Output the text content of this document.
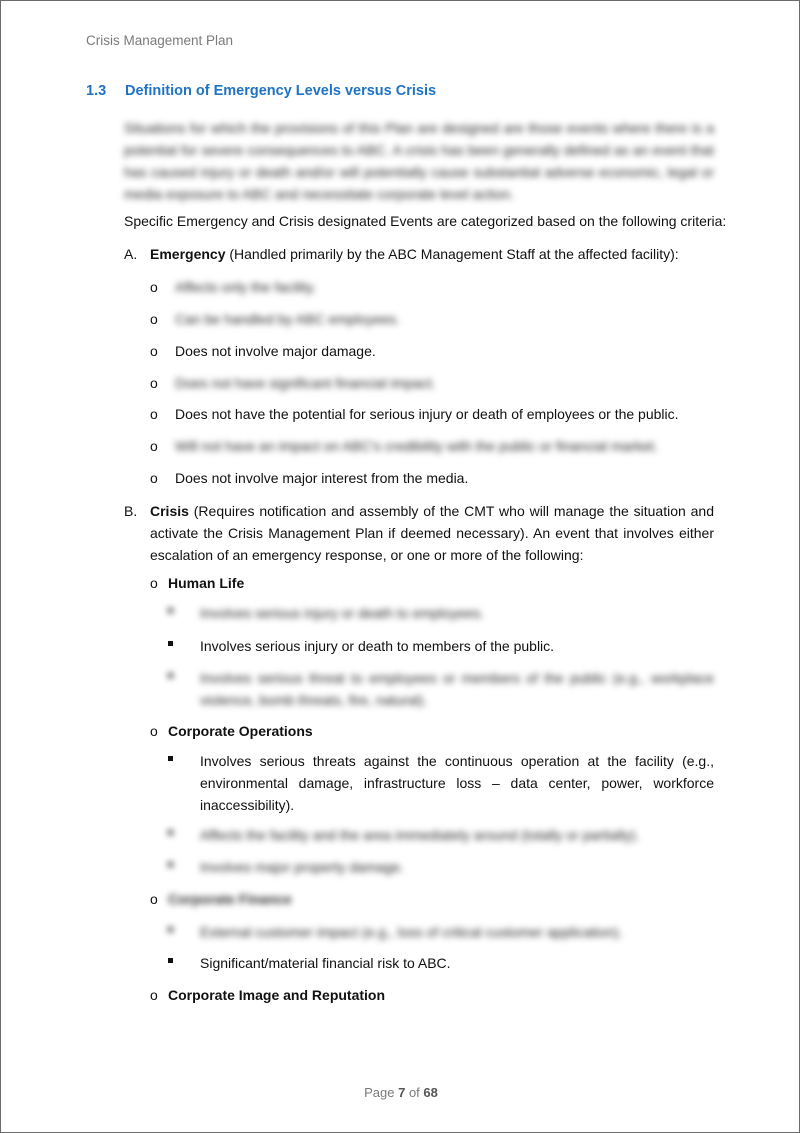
Crisis Management Plan
1.3 Definition of Emergency Levels versus Crisis
Situations for which the provisions of this Plan are designed are those events where there is a potential for severe consequences to ABC. A crisis has been generally defined as an event that has caused injury or death and/or will potentially cause substantial adverse economic, legal or media exposure to ABC and necessitate corporate level action.
Specific Emergency and Crisis designated Events are categorized based on the following criteria:
A. Emergency (Handled primarily by the ABC Management Staff at the affected facility):
o Affects only the facility.
o Can be handled by ABC employees.
o Does not involve major damage.
o Does not have significant financial impact.
o Does not have the potential for serious injury or death of employees or the public.
o Will not have an impact on ABC's credibility with the public or financial market.
o Does not involve major interest from the media.
B. Crisis (Requires notification and assembly of the CMT who will manage the situation and activate the Crisis Management Plan if deemed necessary). An event that involves either escalation of an emergency response, or one or more of the following:
o Human Life
Involves serious injury or death to employees.
Involves serious injury or death to members of the public.
Involves serious threat to employees or members of the public (e.g., workplace violence, bomb threats, fire, natural).
o Corporate Operations
Involves serious threats against the continuous operation at the facility (e.g., environmental damage, infrastructure loss – data center, power, workforce inaccessibility).
Affects the facility and the area immediately around (totally or partially).
Involves major property damage.
o Corporate Finance
External customer impact (e.g., loss of critical customer application).
Significant/material financial risk to ABC.
o Corporate Image and Reputation
Page 7 of 68
